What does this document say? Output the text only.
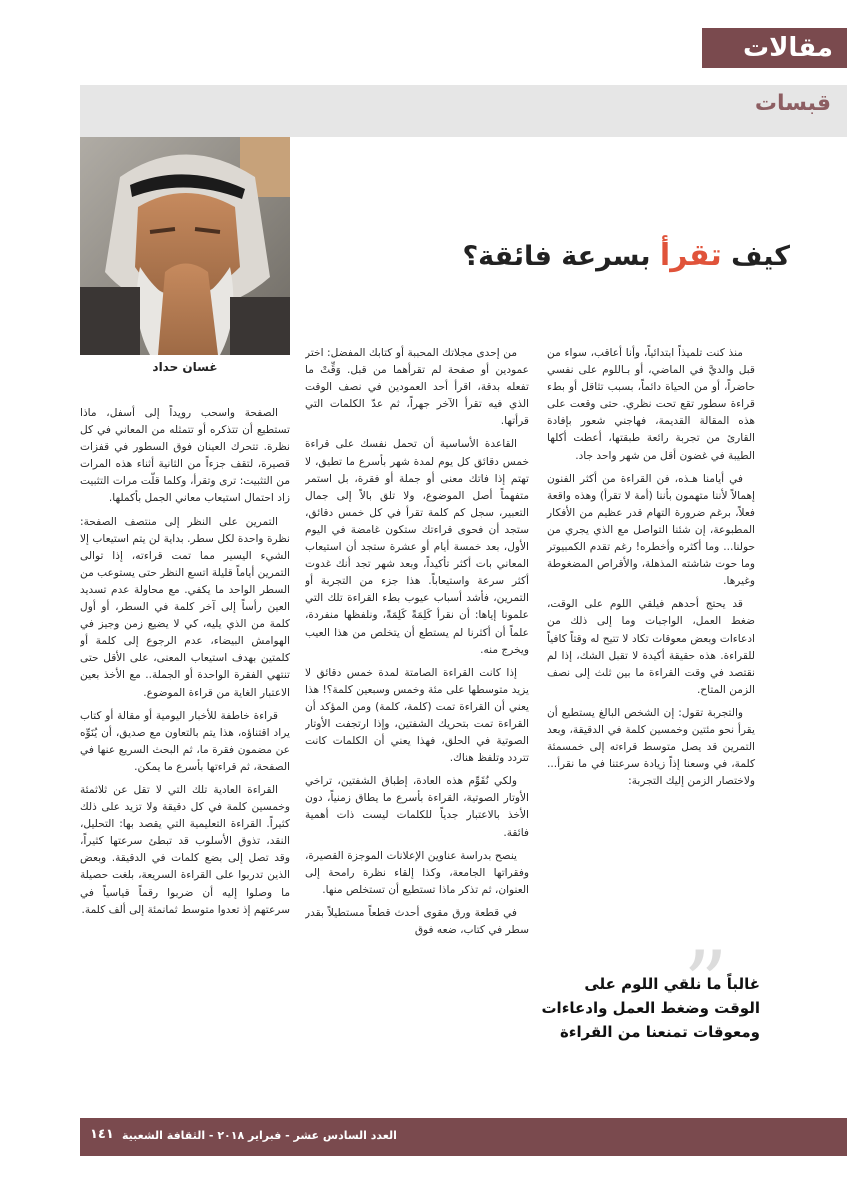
مقالات
قبسات
غسان حداد
كيف تقرأ بسرعة فائقة؟

منذ كنت تلميذاً ابتدائياً، وأنا أعاقب، سواء من قبل والديَّ في الماضي، أو بـاللوم على نفسي حاضراً، أو من الحياة دائماً، بسبب تثاقل أو بطء قراءة سطور تقع تحت نظري. حتى وقعت على هذه المقالة القديمة، فهاجني شعور بإفادة القارئ من تجربة رائعة طبقتها، أعطت أكلها الطيبة في غضون أقل من شهر واحد جاد.

في أيامنا هـذه، فن القراءة من أكثر الفنون إهمالاً لأننا متهمون بأننا (أمة لا تقرأ) وهذه واقعة فعلاً، برغم ضرورة التهام قدر عظيم من الأفكار المطبوعة، إن شئنا التواصل مع الذي يجري من حولنا... وما أكثره وأخطره! رغم تقدم الكمبيوتر وما حوت شاشته المذهلة، والأقراص المضغوطة وغيرها.

قد يحتج أحدهم فيلقي اللوم على الوقت، ضغط العمل، الواجبات وما إلى ذلك من ادعاءات وبعض معوقات تكاد لا تتيح له وقتاً كافياً للقراءة. هذه حقيقة أكيدة لا تقبل الشك، إذا لم نقتصد في وقت القراءة ما بين ثلث إلى نصف الزمن المتاح.

والتجربة تقول: إن الشخص البالغ يستطيع أن يقرأ نحو مئتين وخمسين كلمة في الدقيقة، وبعد التمرين قد يصل متوسط قراءته إلى خمسمئة كلمة، في وسعنا إذاً زيادة سرعتنا في ما نقرأ... ولاختصار الزمن إليك التجربة:

من إحدى مجلاتك المحببة أو كتابك المفضل: اختر عمودين أو صفحة لم تقرأهما من قبل. وَقِّتْ ما تفعله بدقة، اقرأ أحد العمودين في نصف الوقت الذي فيه تقرأ الآخر جهراً، ثم عدّ الكلمات التي قرأتها.

القاعدة الأساسية أن تحمل نفسك على قراءة خمس دقائق كل يوم لمدة شهر بأسرع ما تطيق، لا تهتم إذا فاتك معنى أو جملة أو فقرة، بل استمر متفهماً أصل الموضوع، ولا تلق بالاً إلى جمال التعبير، سجل كم كلمة تقرأ في كل خمس دقائق، ستجد أن فحوى قراءتك ستكون غامضة في اليوم الأول، بعد خمسة أيام أو عشرة ستجد أن استيعاب المعاني بات أكثر تأكيداً، وبعد شهر تجد أنك غدوت أكثر سرعة واستيعاباً. هذا جزء من التجربة أو التمرين، فأشد أسباب عيوب بطء القراءة تلك التي علمونا إياها: أن نقرأ كَلِمَةً كَلِمَةً، ونلفظها منفردة، علماً أن أكثرنا لم يستطع أن يتخلص من هذا العيب ويخرج منه.

إذا كانت القراءة الصامتة لمدة خمس دقائق لا يزيد متوسطها على مئة وخمس وسبعين كلمة؟! هذا يعني أن القراءة تمت (كلمة، كلمة) ومن المؤكد أن القراءة تمت بتحريك الشفتين، وإذا ارتجفت الأوتار الصوتية في الحلق، فهذا يعني أن الكلمات كانت تتردد وتلفظ هناك.

ولكي نُقَوِّم هذه العادة، إطباق الشفتين، تراخي الأوتار الصوتية، القراءة بأسرع ما يطاق زمنياً، دون الأخذ بالاعتبار جدياً للكلمات ليست ذات أهمية فائقة.

ينصح بدراسة عناوين الإعلانات الموجزة القصيرة، وفقراتها الجامعة، وكذا إلقاء نظرة رامحة إلى العنوان، ثم تذكر ماذا تستطيع أن تستخلص منها.

في قطعة ورق مقوى أحدث قطعاً مستطيلاً بقدر سطر في كتاب، ضعه فوق

الصفحة واسحب رويداً إلى أسفل، ماذا تستطيع أن تتذكره أو تتمثله من المعاني في كل نظرة. تتحرك العينان فوق السطور في قفزات قصيرة، لتقف جزءاً من الثانية أثناء هذه المرات من التثبيت: ترى وتقرأ، وكلما قلّت مرات التثبيت زاد احتمال استيعاب معاني الجمل بأكملها.

التمرين على النظر إلى منتصف الصفحة: نظرة واحدة لكل سطر. بداية لن يتم استيعاب إلا الشيء اليسير مما تمت قراءته، إذا توالى التمرين أياماً قليلة اتسع النظر حتى يستوعب من السطر الواحد ما يكفي. مع محاولة عدم تسديد العين رأساً إلى آخر كلمة في السطر، أو أول كلمة من الذي يليه، كي لا يضيع زمن وجيز في الهوامش البيضاء، عدم الرجوع إلى كلمة أو كلمتين بهدف استيعاب المعنى، على الأقل حتى تنتهي الفقرة الواحدة أو الجملة.. مع الأخذ بعين الاعتبار الغاية من قراءة الموضوع.

قراءة خاطفة للأخبار اليومية أو مقالة أو كتاب يراد اقتناؤه، هذا يتم بالتعاون مع صديق، أن يُنَوِّه عن مضمون فقرة ما، ثم البحث السريع عنها في الصفحة، ثم قراءتها بأسرع ما يمكن.

القراءة العادية تلك التي لا تقل عن ثلاثمئة وخمسين كلمة في كل دقيقة ولا تزيد على ذلك كثيراً. القراءة التعليمية التي يقصد بها: التحليل، النقد، تذوق الأسلوب قد تبطئ سرعتها كثيراً، وقد تصل إلى بضع كلمات في الدقيقة. وبعض الذين تدربوا على القراءة السريعة، بلغت حصيلة ما وصلوا إليه أن ضربوا رقماً قياسياً في سرعتهم إذ تعدوا متوسط ثمانمئة إلى ألف كلمة.

”
غالباً ما نلقي اللوم على الوقت وضغط العمل وادعاءات ومعوقات تمنعنا من القراءة
١٤١ العدد السادس عشر - فبراير ٢٠١٨ - الثقافة الشعبية
